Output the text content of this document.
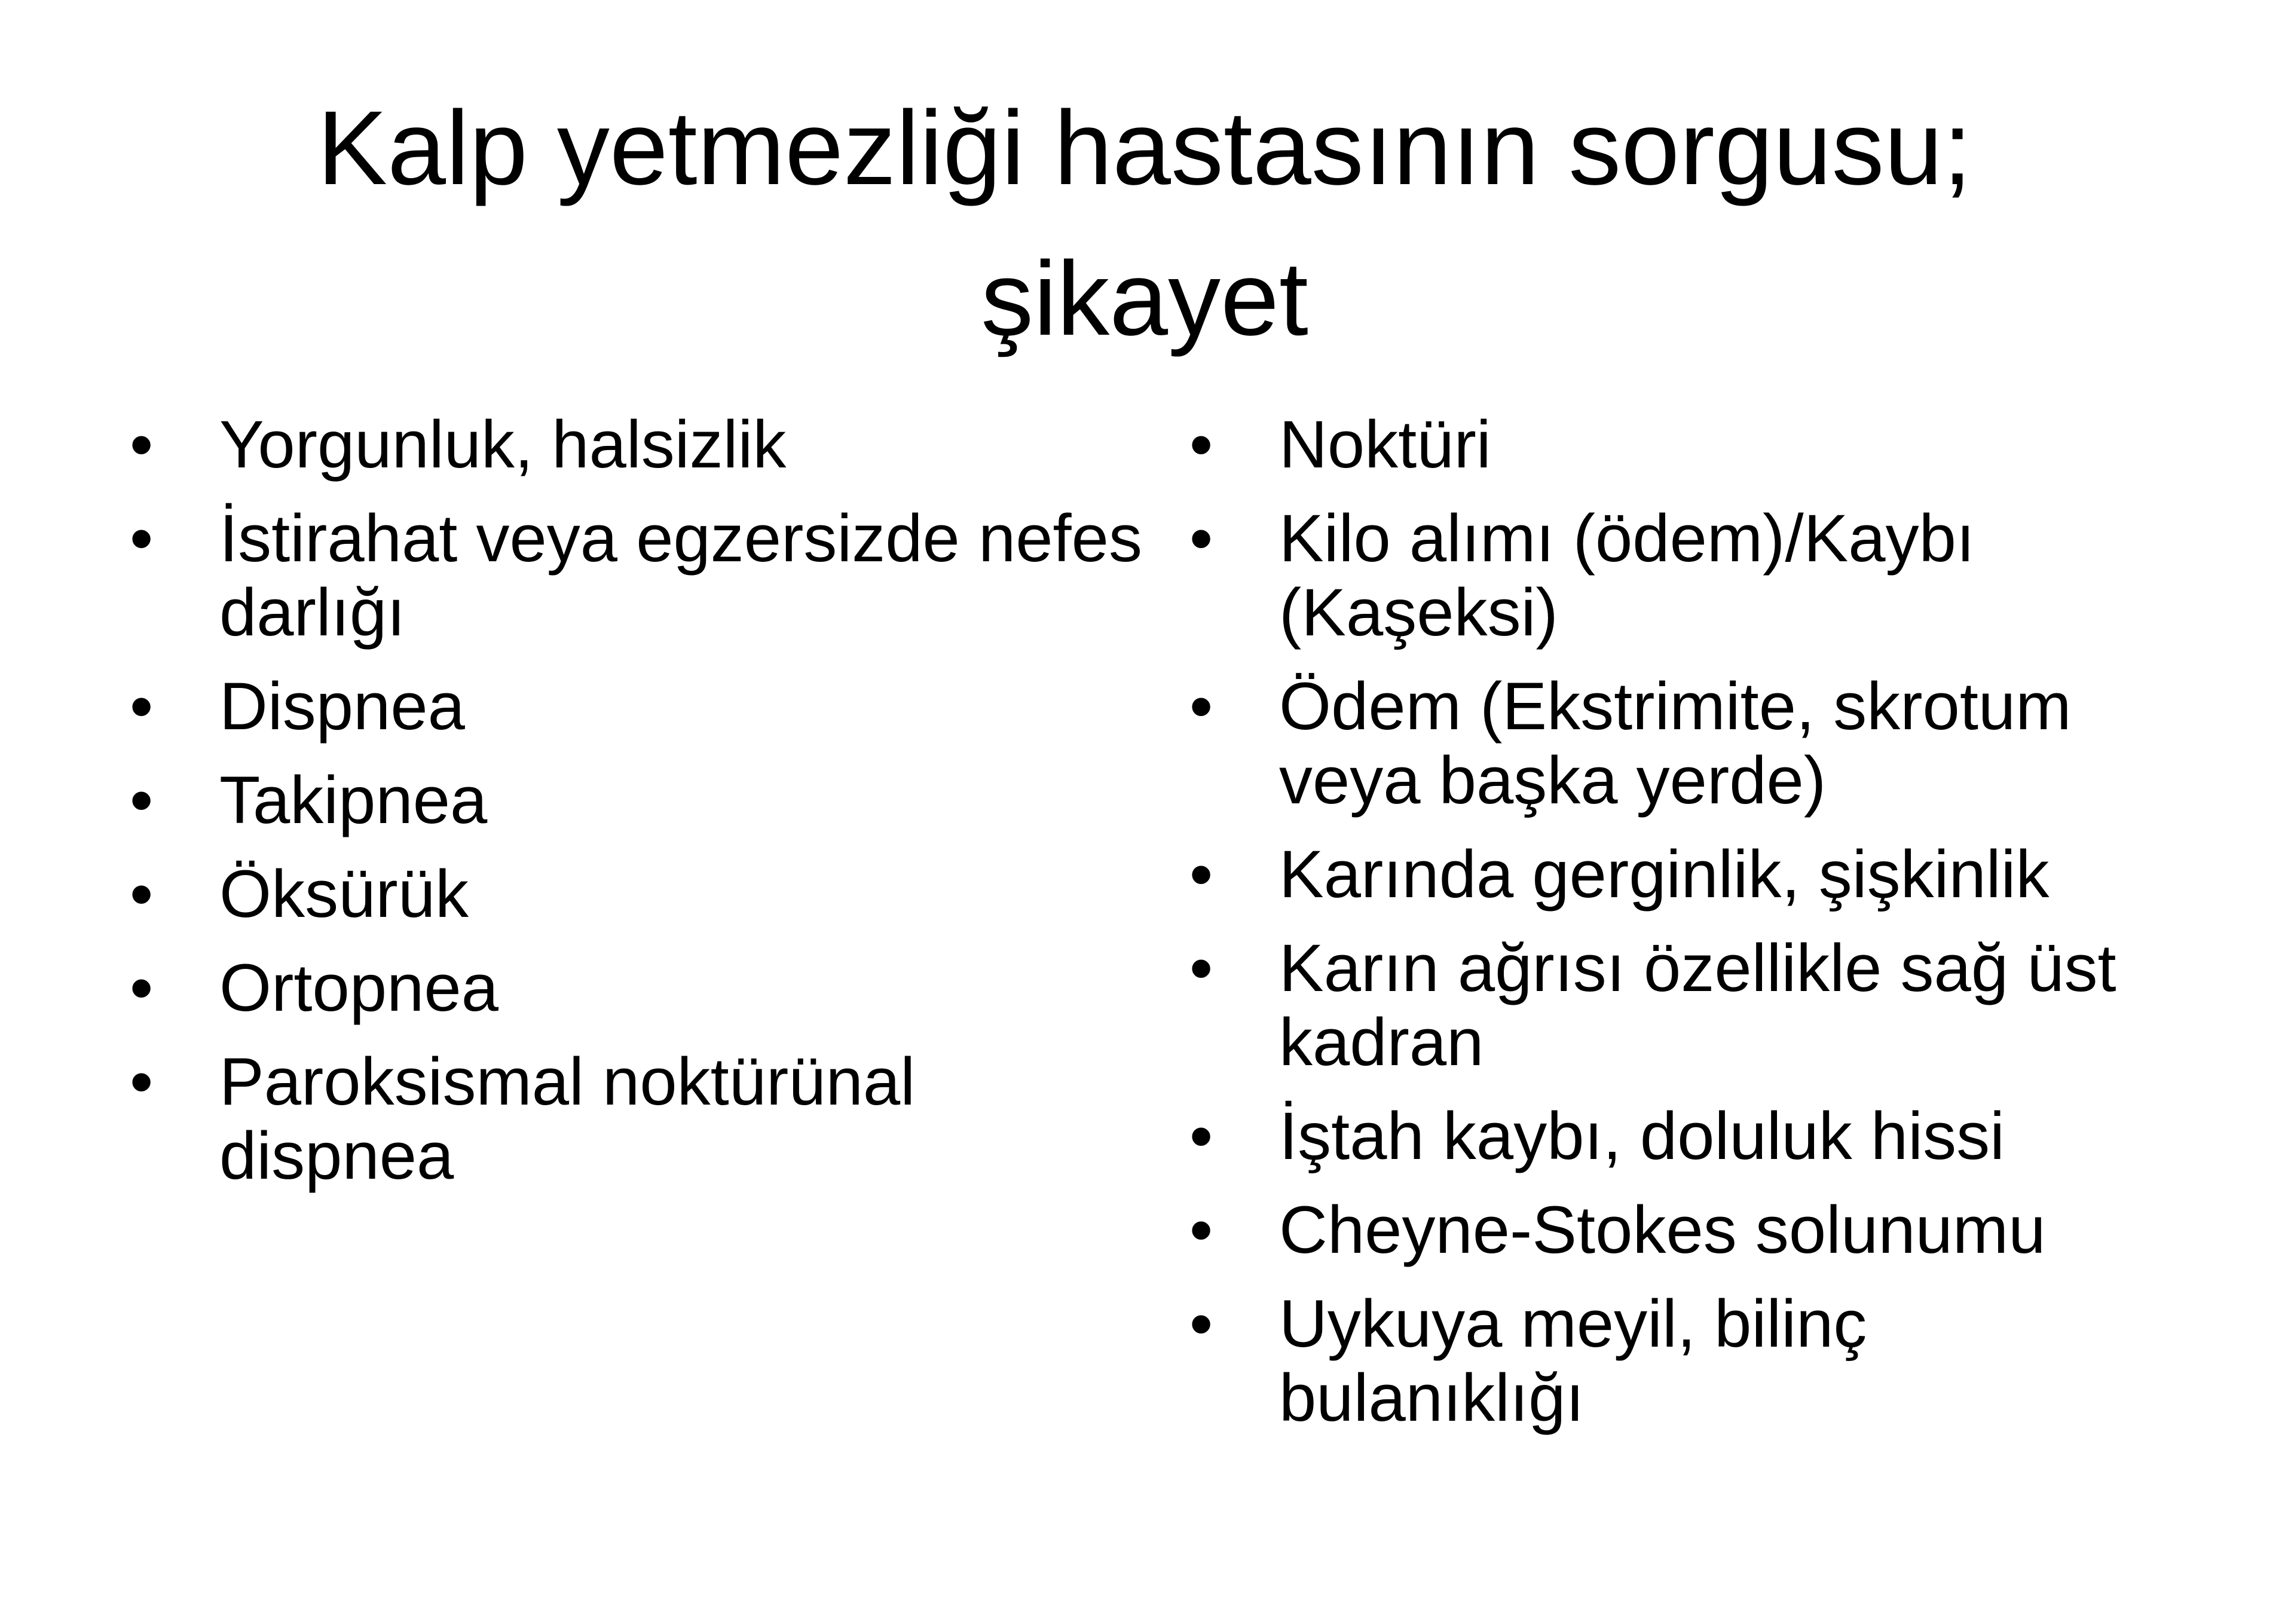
Kalp yetmezliği hastasının sorgusu;
şikayet
• Yorgunluk, halsizlik
• İstirahat veya egzersizde nefes darlığı
• Dispnea
• Takipnea
• Öksürük
• Ortopnea
• Paroksismal noktürünal dispnea
• Noktüri
• Kilo alımı (ödem)/Kaybı (Kaşeksi)
• Ödem (Ekstrimite, skrotum veya başka yerde)
• Karında gerginlik, şişkinlik
• Karın ağrısı özellikle sağ üst kadran
• İştah kaybı, doluluk hissi
• Cheyne-Stokes solunumu
• Uykuya meyil, bilinç bulanıklığı
